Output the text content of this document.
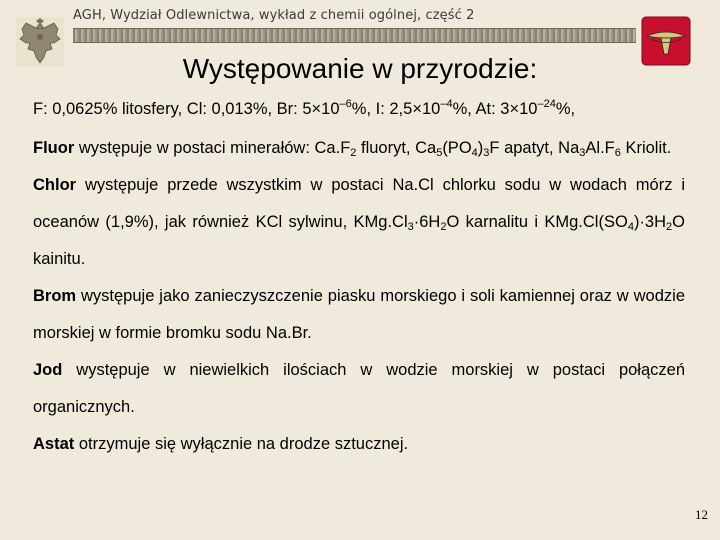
AGH, Wydział Odlewnictwa, wykład z chemii ogólnej, część 2
Występowanie w przyrodzie:

F: 0,0625% litosfery, Cl: 0,013%, Br: $5\times 10^{-6}\%$, I: $2,5\times 10^{-4}\%$, At: $3\times 10^{-24}\%$,

Fluor występuje w postaci minerałów: $Ca.F_2$ fluoryt, $Ca_5(PO_4)_3F$ apatyt, $Na_3Al.F_6$ Kriolit.

Chlor występuje przede wszystkim w postaci Na.Cl chlorku sodu w wodach mórz i oceanów (1,9%), jak również KCl sylwinu, $KMg.Cl_3\cdot 6H_2O$ karnalitu i $KMg.Cl(SO_4)\cdot 3H_2O$ kainitu.

Brom występuje jako zanieczyszczenie piasku morskiego i soli kamiennej oraz w wodzie morskiej w formie bromku sodu Na.Br.

Jod występuje w niewielkich ilościach w wodzie morskiej w postaci połączeń organicznych.

Astat otrzymuje się wyłącznie na drodze sztucznej.

12
